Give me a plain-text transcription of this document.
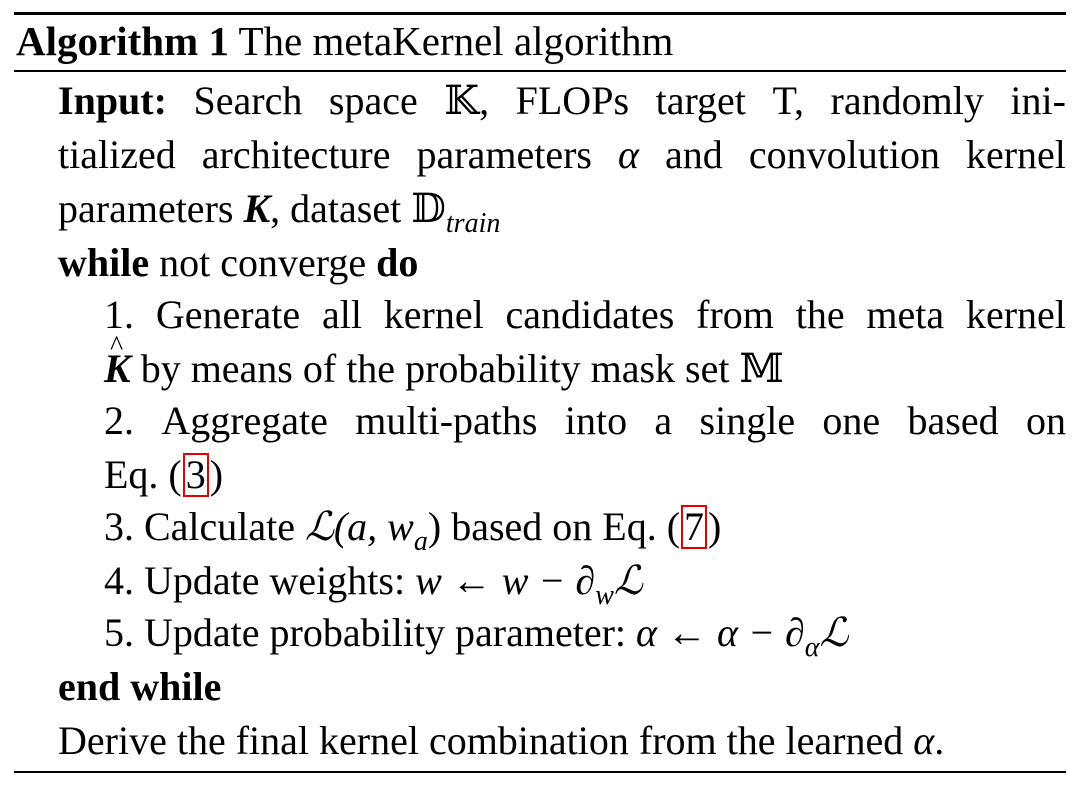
Algorithm 1 The metaKernel algorithm
Input: Search space 𝕂, FLOPs target T, randomly ini-
tialized architecture parameters α and convolution kernel
parameters K, dataset 𝔻$_{train}$
while not converge do
1. Generate all kernel candidates from the meta kernel
^ K by means of the probability mask set 𝕄
2. Aggregate multi-paths into a single one based on
Eq. ( 3 )
3. Calculate ℒ(a, $w_a$) based on Eq. ( 7 )
4. Update weights: w ← $w - \partial_wℒ$
5. Update probability parameter: α ← $\alpha - \partial_\alpha ℒ$
end while
Derive the final kernel combination from the learned α.
